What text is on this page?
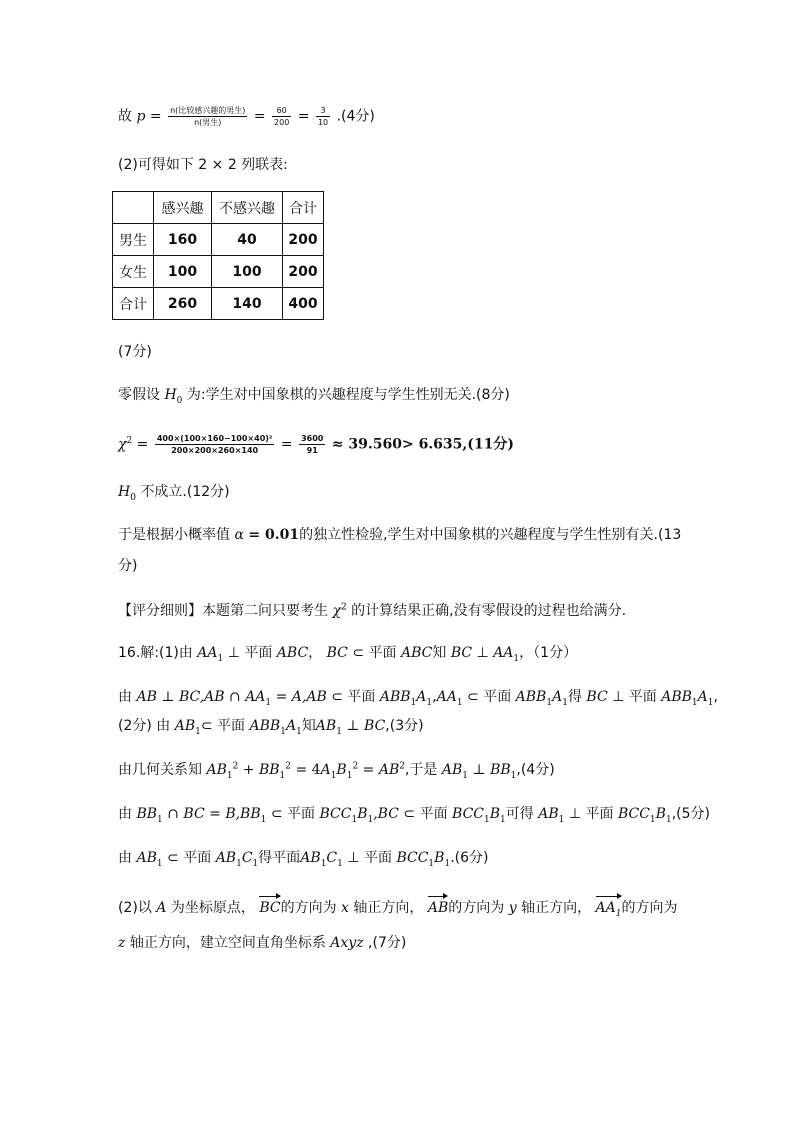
故 $p = \frac{\text{n(比较感兴趣的男生)}}{\text{n(男生)}} = \frac{60}{200} = \frac{3}{10} .(4$分)
(2)可得如下 2 × 2 列联表:
	感兴趣	不感兴趣	合计
男生	160	40	200
女生	100	100	200
合计	260	140	400
(7分)
零假设 $H_0$ 为:学生对中国象棋的兴趣程度与学生性别无关.(8分)
$\chi^2 = \frac{\text{400×(100×160−100×40)²}}{200\times 200\times 260\times 140} = \frac{3600}{91} \approx 39.560> 6.635,(11$分)
$H_0$ 不成立.(12分)
于是根据小概率值 α = 0.01的独立性检验,学生对中国象棋的兴趣程度与学生性别有关.(13
分)
【评分细则】本题第二问只要考生 $\chi^2$ 的计算结果正确,没有零假设的过程也给满分.
16.解:(1)由 $AA_1$ ⊥ 平面 ABC， BC ⊂ 平面 ABC知 BC ⊥ $AA_1$，（1分）
由 AB ⊥ BC,AB ∩ $AA_1 = A,AB$ ⊂ 平面 $ABB_1A_1,AA_1$ ⊂ 平面 $ABB_1A_1$得 BC ⊥ 平面 $ABB_1A_1$,
(2分) 由 $AB_1\subset$ 平面 $ABB_1A_1$知$AB_1$ ⊥ BC,(3分)
由几何关系知 $AB_1^2 + BB_1^2 = 4A_1B_1^2 = AB^2$,于是 $AB_1$ ⊥ $BB_1,(4$分)
由 $BB_1$ ∩ BC = $B,BB_1$ ⊂ 平面 $BCC_1B_1,BC$ ⊂ 平面 $BCC_1B_1$可得 $AB_1$ ⊥ 平面 $BCC_1B_1,(5$分)
由 $AB_1$ ⊂ 平面 $AB_1C_1$得平面$AB_1C_1$ ⊥ 平面 $BCC_1B_1.(6$分)
(2)以 A 为坐标原点， BC的方向为 x 轴正方向， AB的方向为 y 轴正方向， $AA_1$的方向为
z 轴正方向，建立空间直角坐标系 Axyz ,(7分)
